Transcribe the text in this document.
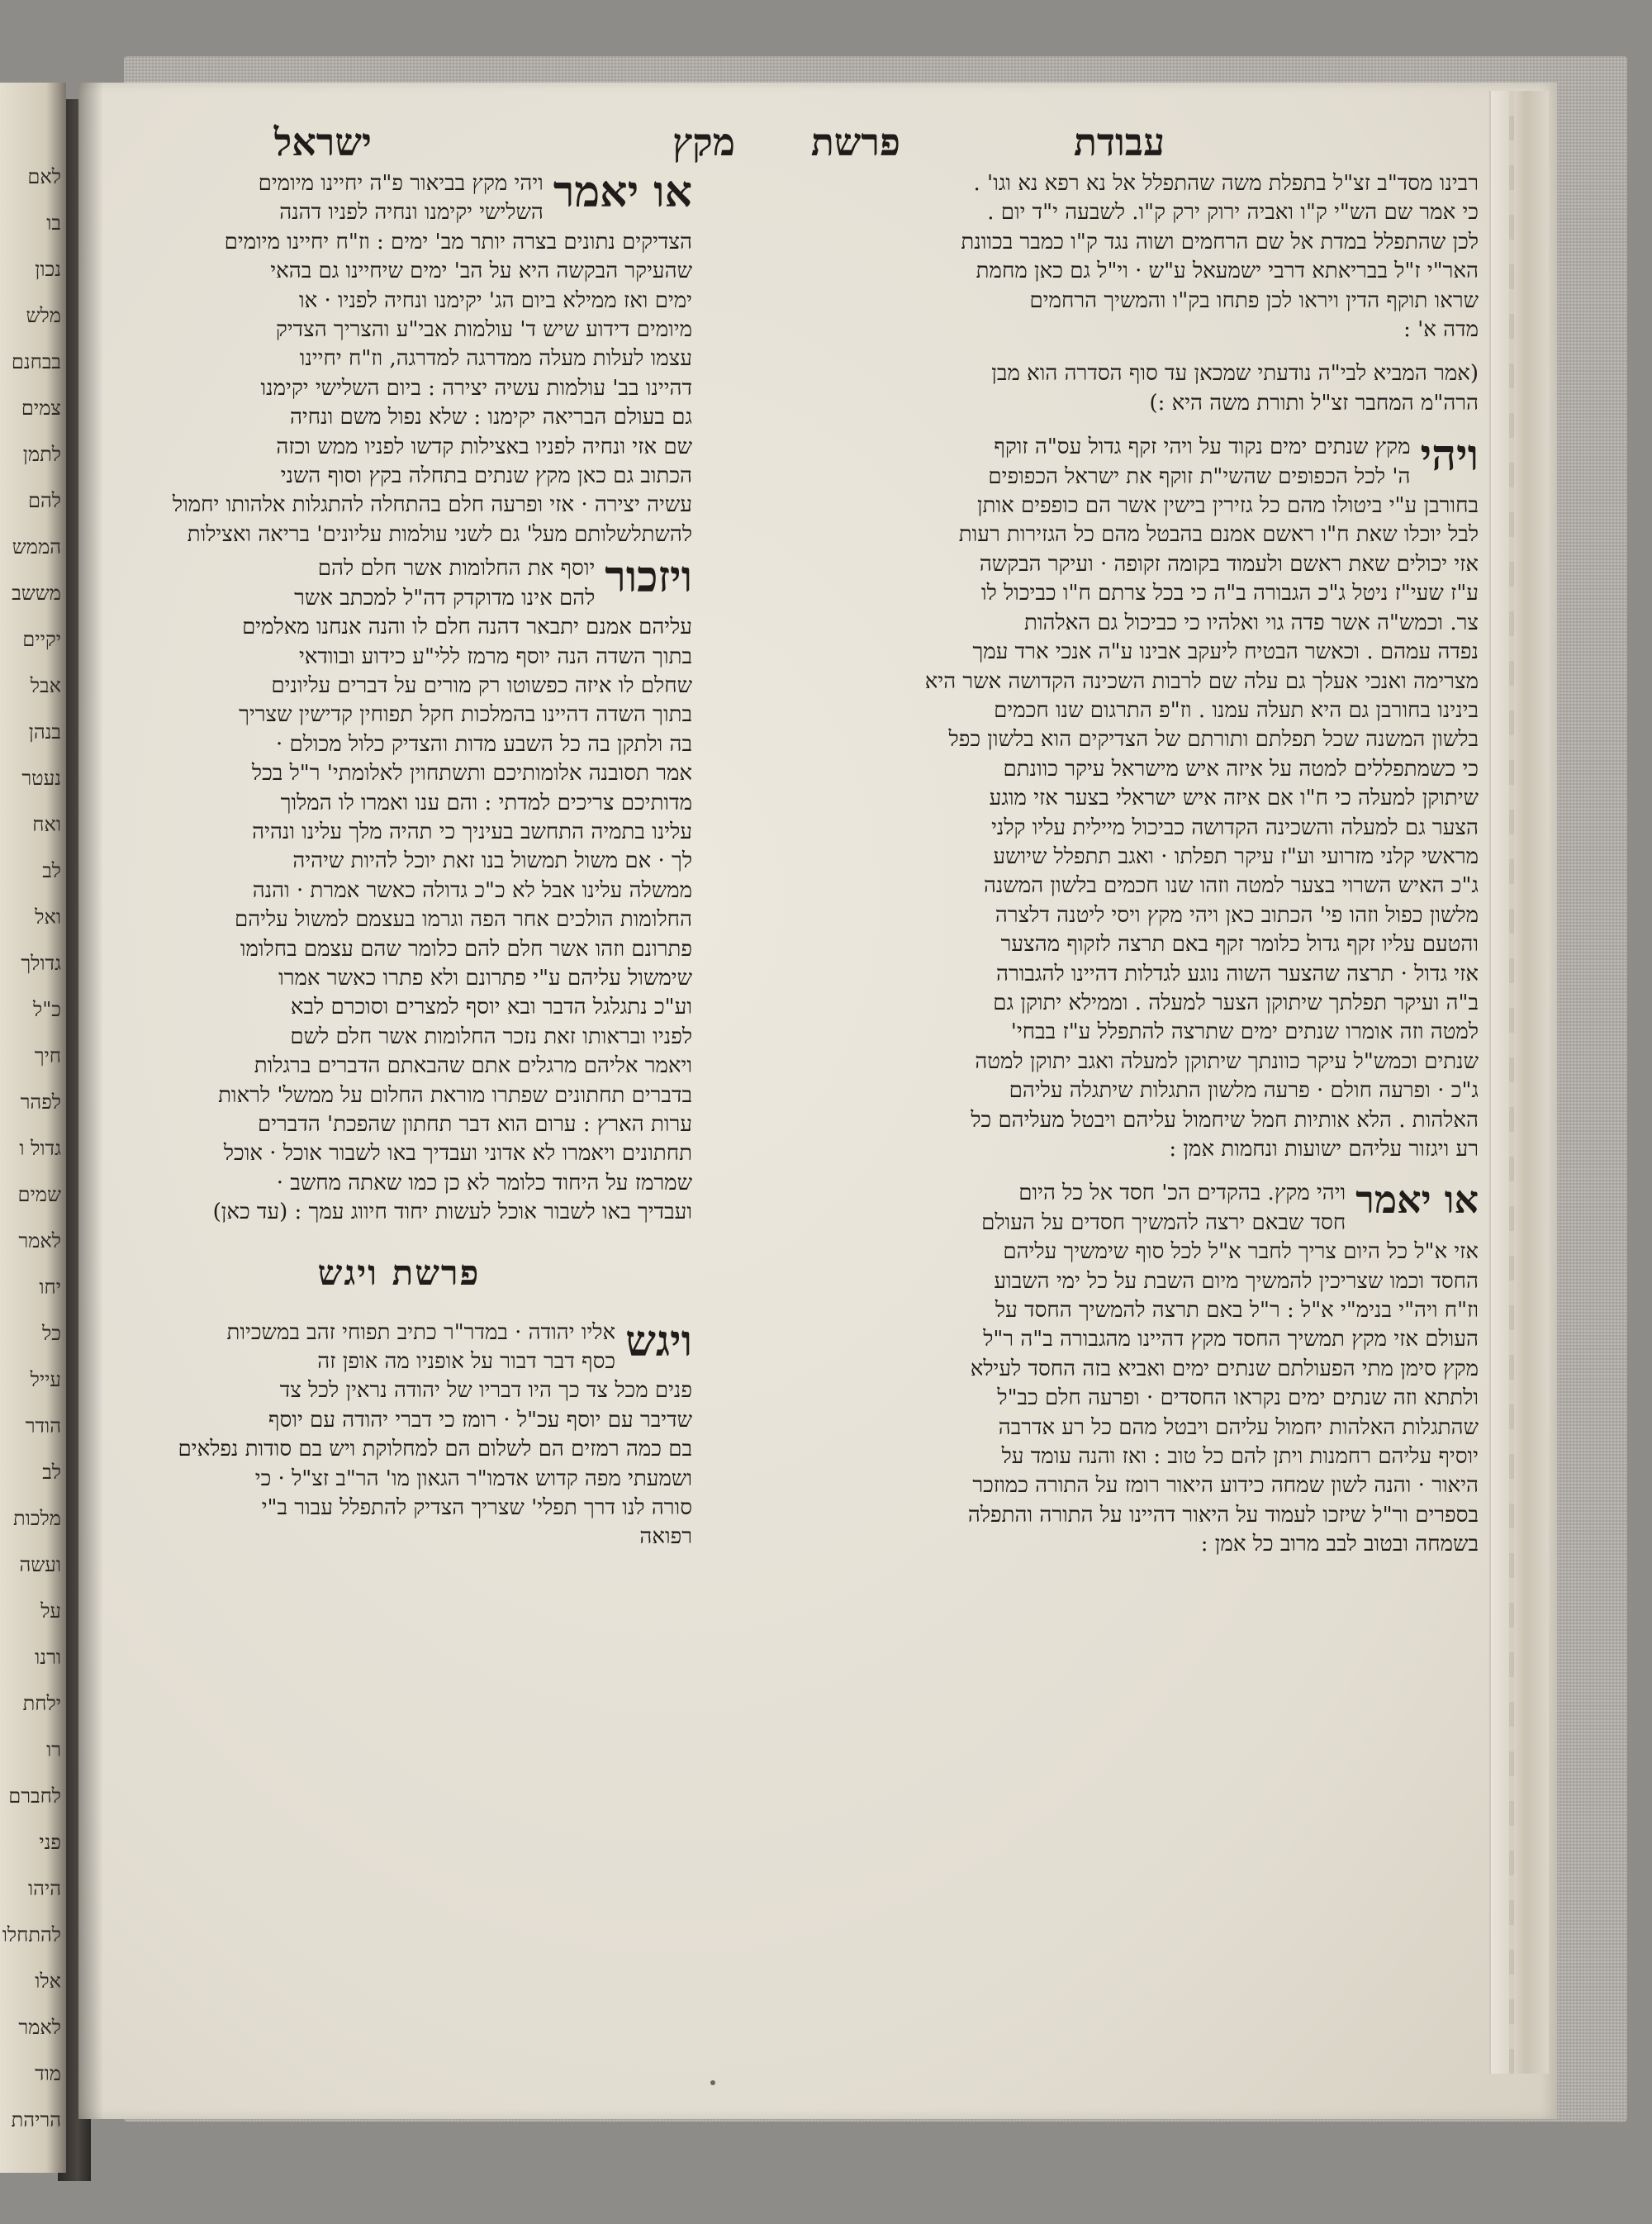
לאם
בו
נכון
מלש
בבחנם
צמים
לתמן
להם
הממש
מששב
יקיים
אבל
בנהן
נעטר
ואח
לב
ואל
גדולך
כ"ל
חיך
לפהר
גדול ו
שמים
לאמר
יחו
כל
עייל
הודר
לב
מלכות
ועשה
על
ורנו
ילחת
רו
לחברם
פני
היהו
להתחלו
אלו
לאמר
מוד
הריהת
עבודת
פרשת
מקץ
ישראל

רבינו מסד"ב זצ"ל בתפלת משה שהתפלל אל נא רפא נא וגו' .

כי אמר שם הש"י ק"ו ואביה ירוק ירק ק"ו. לשבעה י"ד יום .

לכן שהתפלל במדת אל שם הרחמים ושוה נגד ק"ו כמבר בכוונת

האר"י ז"ל בבריאתא דרבי ישמעאל ע"ש · וי"ל גם כאן מחמת

שראו תוקף הדין ויראו לכן פתחו בק"ו והמשיך הרחמים

מדה א' :

(אמר המביא לבי"ה נודעתי שמכאן עד סוף הסדרה הוא מבן

הרה"מ המחבר זצ"ל ותורת משה היא :)

ויהי

מקץ שנתים ימים נקוד על ויהי זקף גדול עס"ה זוקף

ה' לכל הכפופים שהשי"ת זוקף את ישראל הכפופים

בחורבן ע"י ביטולו מהם כל גזירין בישין אשר הם כופפים אותן

לבל יוכלו שאת ח"ו ראשם אמנם בהבטל מהם כל הגזירות רעות

אזי יכולים שאת ראשם ולעמוד בקומה זקופה · ועיקר הבקשה

ע"ז שעי"ז ניטל ג"כ הגבורה ב"ה כי בכל צרתם ח"ו כביכול לו

צר. וכמש"ה אשר פדה גוי ואלהיו כי כביכול גם האלהות

נפדה עמהם . וכאשר הבטיח ליעקב אבינו ע"ה אנכי ארד עמך

מצרימה ואנכי אעלך גם עלה שם לרבות השכינה הקדושה אשר היא

בינינו בחורבן גם היא תעלה עמנו . וז"פ התרגום שנו חכמים

בלשון המשנה שכל תפלתם ותורתם של הצדיקים הוא בלשון כפל

כי כשמתפללים למטה על איזה איש מישראל עיקר כוונתם

שיתוקן למעלה כי ח"ו אם איזה איש ישראלי בצער אזי מוגע

הצער גם למעלה והשכינה הקדושה כביכול מיילית עליו קלני

מראשי קלני מזרועי וע"ז עיקר תפלתו · ואגב תתפלל שיושע

ג"כ האיש השרוי בצער למטה וזהו שנו חכמים בלשון המשנה

מלשון כפול וזהו פי' הכתוב כאן ויהי מקץ ויסי ליטנה דלצרה

והטעם עליו זקף גדול כלומר זקף באם תרצה לזקוף מהצער

אזי גדול · תרצה שהצער השוה נוגע לגדלות דהיינו להגבורה

ב"ה ועיקר תפלתך שיתוקן הצער למעלה . וממילא יתוקן גם

למטה וזה אומרו שנתים ימים שתרצה להתפלל ע"ז בבחי'

שנתים וכמש"ל עיקר כוונתך שיתוקן למעלה ואגב יתוקן למטה

ג"כ · ופרעה חולם · פרעה מלשון התגלות שיתגלה עליהם

האלהות . הלא אותיות חמל שיחמול עליהם ויבטל מעליהם כל

רע ויגזור עליהם ישועות ונחמות אמן :

או יאמר

ויהי מקץ. בהקדים הכ' חסד אל כל היום

חסד שבאם ירצה להמשיך חסדים על העולם

אזי א"ל כל היום צריך לחבר א"ל לכל סוף שימשיך עליהם

החסד וכמו שצריכין להמשיך מיום השבת על כל ימי השבוע

וז"ח ויה"י בנימ"י א"ל : ר"ל באם תרצה להמשיך החסד על

העולם אזי מקץ תמשיך החסד מקץ דהיינו מהגבורה ב"ה ר"ל

מקץ סימן מתי הפעולתם שנתים ימים ואביא בזה החסד לעילא

ולתתא וזה שנתים ימים נקראו החסדים · ופרעה חלם כב"ל

שהתגלות האלהות יחמול עליהם ויבטל מהם כל רע אדרבה

יוסיף עליהם רחמנות ויתן להם כל טוב : ואז והנה עומד על

היאור · והנה לשון שמחה כידוע היאור רומז על התורה כמוזכר

בספרים ור"ל שיזכו לעמוד על היאור דהיינו על התורה והתפלה

בשמחה ובטוב לבב מרוב כל אמן :

או יאמר

ויהי מקץ בביאור פ"ה יחיינו מיומים

השלישי יקימנו ונחיה לפניו דהנה

הצדיקים נתונים בצרה יותר מב' ימים : וז"ח יחיינו מיומים

שהעיקר הבקשה היא על הב' ימים שיחיינו גם בהאי

ימים ואז ממילא ביום הג' יקימנו ונחיה לפניו · או

מיומים דידוע שיש ד' עולמות אבי"ע והצריך הצדיק

עצמו לעלות מעלה ממדרגה למדרגה, וז"ח יחיינו

דהיינו בב' עולמות עשיה יצירה : ביום השלישי יקימנו

גם בעולם הבריאה יקימנו : שלא נפול משם ונחיה

שם אזי ונחיה לפניו באצילות קדשו לפניו ממש וכזה

הכתוב גם כאן מקץ שנתים בתחלה בקץ וסוף השני

עשיה יצירה · אזי ופרעה חלם בהתחלה להתגלות אלהותו יחמול

להשתלשלותם מעל' גם לשני עולמות עליונים' בריאה ואצילות

ויזכור

יוסף את החלומות אשר חלם להם

להם אינו מדוקדק דה"ל למכתב אשר

עליהם אמנם יתבאר דהנה חלם לו והנה אנחנו מאלמים

בתוך השדה הנה יוסף מרמז ללי"ע כידוע ובוודאי

שחלם לו איזה כפשוטו רק מורים על דברים עליונים

בתוך השדה דהיינו בהמלכות חקל תפוחין קדישין שצריך

בה ולתקן בה כל השבע מדות והצדיק כלול מכולם ·

אמר תסובנה אלומותיכם ותשתחוין לאלומתי' ר"ל בכל

מדותיכם צריכים למדתי : והם ענו ואמרו לו המלוך

עלינו בתמיה התחשב בעיניך כי תהיה מלך עלינו ונהיה

לך · אם משול תמשול בנו זאת יוכל להיות שיהיה

ממשלה עלינו אבל לא כ"כ גדולה כאשר אמרת · והנה

החלומות הולכים אחר הפה וגרמו בעצמם למשול עליהם

פתרונם וזהו אשר חלם להם כלומר שהם עצמם בחלומו

שימשול עליהם ע"י פתרונם ולא פתרו כאשר אמרו

וע"כ נתגלגל הדבר ובא יוסף למצרים וסוכרם לבא

לפניו ובראותו זאת נזכר החלומות אשר חלם לשם

ויאמר אליהם מרגלים אתם שהבאתם הדברים ברגלות

בדברים תחתונים שפתרו מוראת החלום על ממשל' לראות

ערות הארץ : ערום הוא דבר תחתון שהפכת' הדברים

תחתונים ויאמרו לא אדוני ועבדיך באו לשבור אוכל · אוכל

שמרמז על היחוד כלומר לא כן כמו שאתה מחשב ·

ועבדיך באו לשבור אוכל לעשות יחוד חיווג עמך : (עד כאן)

פרשת ויגש
ויגש

אליו יהודה · במדר"ר כתיב תפוחי זהב במשכיות

כסף דבר דבור על אופניו מה אופן זה

פנים מכל צד כך היו דבריו של יהודה נראין לכל צד

שדיבר עם יוסף עכ"ל · רומז כי דברי יהודה עם יוסף

בם כמה רמזים הם לשלום הם למחלוקת ויש בם סודות נפלאים

ושמעתי מפה קדוש אדמו"ר הגאון מו' הר"ב זצ"ל · כי

סורה לנו דרך תפלי' שצריך הצדיק להתפלל עבור ב"י

רפואה
